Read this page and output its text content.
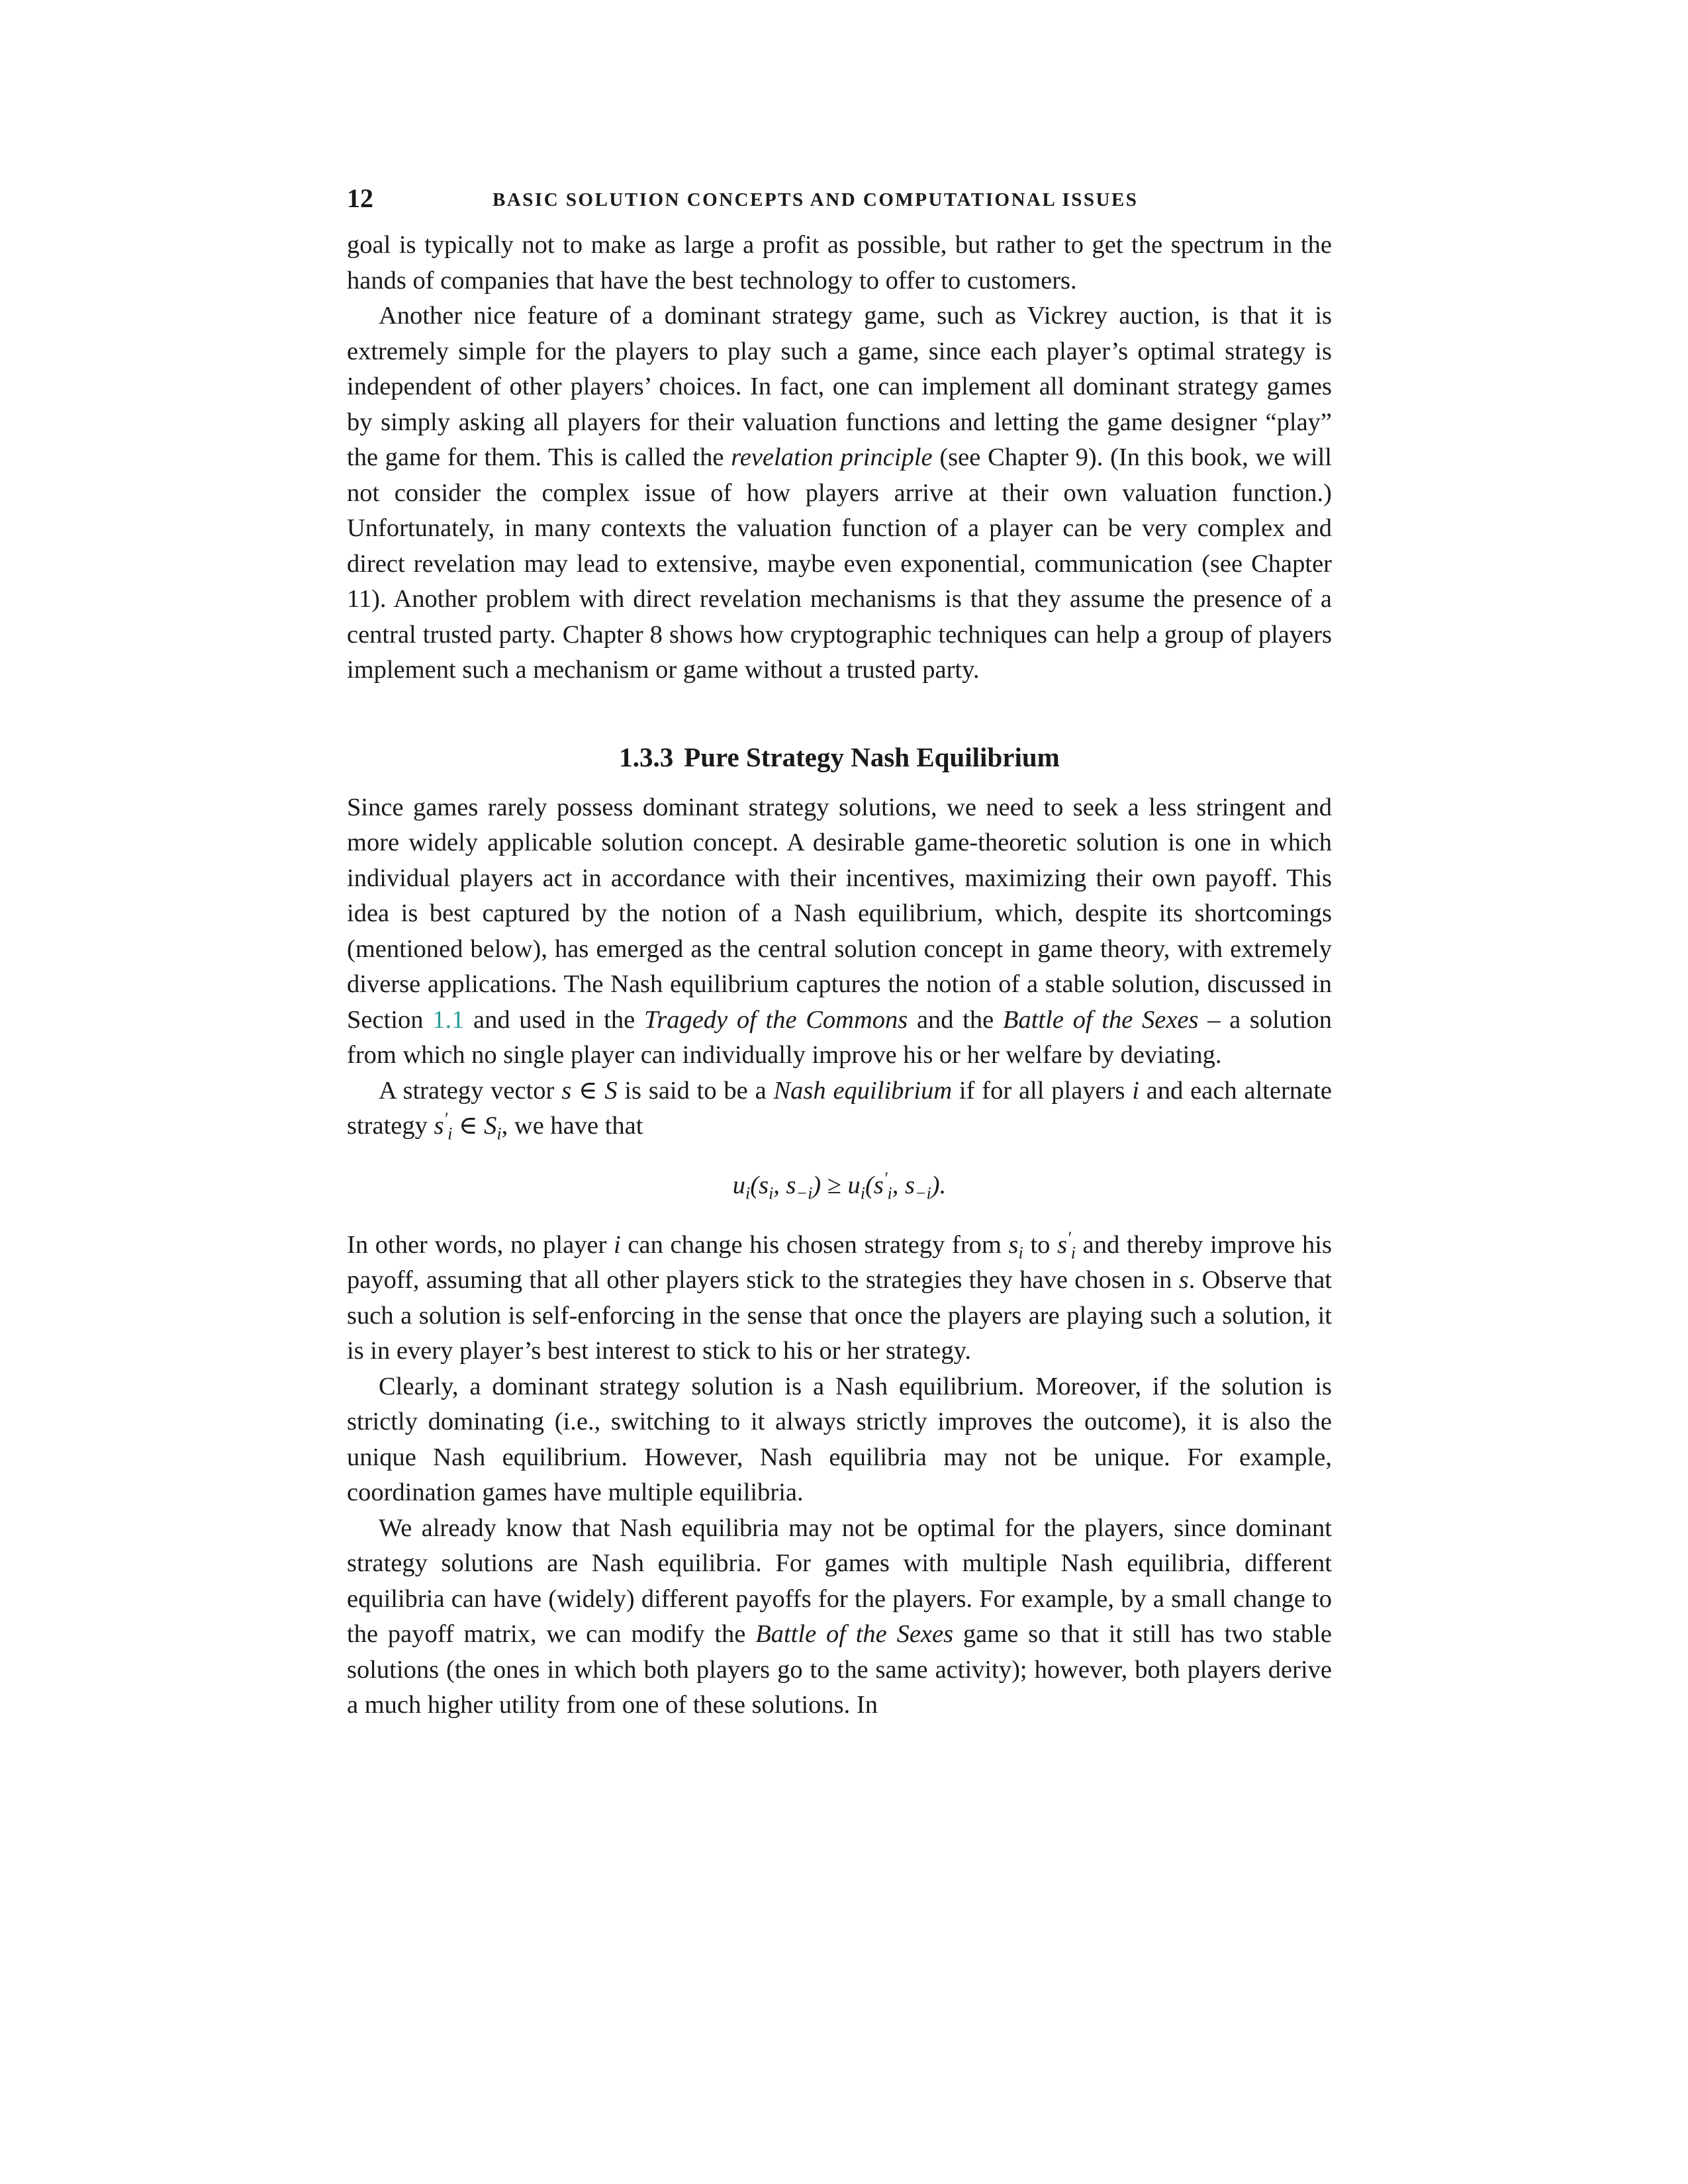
12	BASIC SOLUTION CONCEPTS AND COMPUTATIONAL ISSUES

goal is typically not to make as large a profit as possible, but rather to get the spectrum in the hands of companies that have the best technology to offer to customers.

Another nice feature of a dominant strategy game, such as Vickrey auction, is that it is extremely simple for the players to play such a game, since each player’s optimal strategy is independent of other players’ choices. In fact, one can implement all dominant strategy games by simply asking all players for their valuation functions and letting the game designer “play” the game for them. This is called the revelation principle (see Chapter 9). (In this book, we will not consider the complex issue of how players arrive at their own valuation function.) Unfortunately, in many contexts the valuation function of a player can be very complex and direct revelation may lead to extensive, maybe even exponential, communication (see Chapter 11). Another problem with direct revelation mechanisms is that they assume the presence of a central trusted party. Chapter 8 shows how cryptographic techniques can help a group of players implement such a mechanism or game without a trusted party.

1.3.3 Pure Strategy Nash Equilibrium

Since games rarely possess dominant strategy solutions, we need to seek a less stringent and more widely applicable solution concept. A desirable game-theoretic solution is one in which individual players act in accordance with their incentives, maximizing their own payoff. This idea is best captured by the notion of a Nash equilibrium, which, despite its shortcomings (mentioned below), has emerged as the central solution concept in game theory, with extremely diverse applications. The Nash equilibrium captures the notion of a stable solution, discussed in Section 1.1 and used in the Tragedy of the Commons and the Battle of the Sexes – a solution from which no single player can individually improve his or her welfare by deviating.

A strategy vector s ∈ S is said to be a Nash equilibrium if for all players i and each alternate strategy $s'_i$ ∈ $S_i$, we have that

$u_i(s_i$, $s_{-i}) \ge u_i(s'_i$, $s_{-i}$).

In other words, no player i can change his chosen strategy from $s_i$ to $s'_i$ and thereby improve his payoff, assuming that all other players stick to the strategies they have chosen in s. Observe that such a solution is self-enforcing in the sense that once the players are playing such a solution, it is in every player’s best interest to stick to his or her strategy.

Clearly, a dominant strategy solution is a Nash equilibrium. Moreover, if the solution is strictly dominating (i.e., switching to it always strictly improves the outcome), it is also the unique Nash equilibrium. However, Nash equilibria may not be unique. For example, coordination games have multiple equilibria.

We already know that Nash equilibria may not be optimal for the players, since dominant strategy solutions are Nash equilibria. For games with multiple Nash equilibria, different equilibria can have (widely) different payoffs for the players. For example, by a small change to the payoff matrix, we can modify the Battle of the Sexes game so that it still has two stable solutions (the ones in which both players go to the same activity); however, both players derive a much higher utility from one of these solutions. In
